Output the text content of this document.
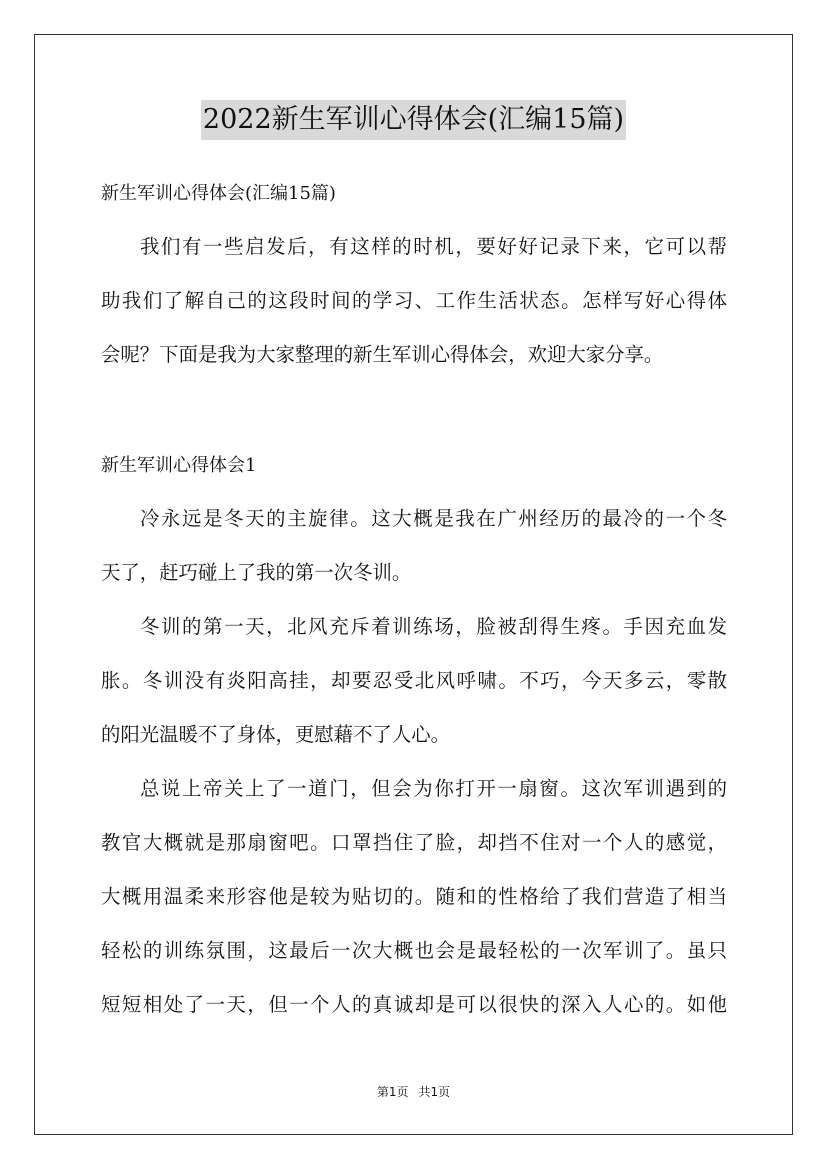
2022新生军训心得体会(汇编15篇)
新生军训心得体会(汇编15篇)
我们有一些启发后，有这样的时机，要好好记录下来，它可以帮
助我们了解自己的这段时间的学习、工作生活状态。怎样写好心得体
会呢？下面是我为大家整理的新生军训心得体会，欢迎大家分享。
新生军训心得体会1
冷永远是冬天的主旋律。这大概是我在广州经历的最冷的一个冬
天了，赶巧碰上了我的第一次冬训。
冬训的第一天，北风充斥着训练场，脸被刮得生疼。手因充血发
胀。冬训没有炎阳高挂，却要忍受北风呼啸。不巧，今天多云，零散
的阳光温暖不了身体，更慰藉不了人心。
总说上帝关上了一道门，但会为你打开一扇窗。这次军训遇到的
教官大概就是那扇窗吧。口罩挡住了脸，却挡不住对一个人的感觉，
大概用温柔来形容他是较为贴切的。随和的性格给了我们营造了相当
轻松的训练氛围，这最后一次大概也会是最轻松的一次军训了。虽只
短短相处了一天，但一个人的真诚却是可以很快的深入人心的。如他
第1页 共1页
